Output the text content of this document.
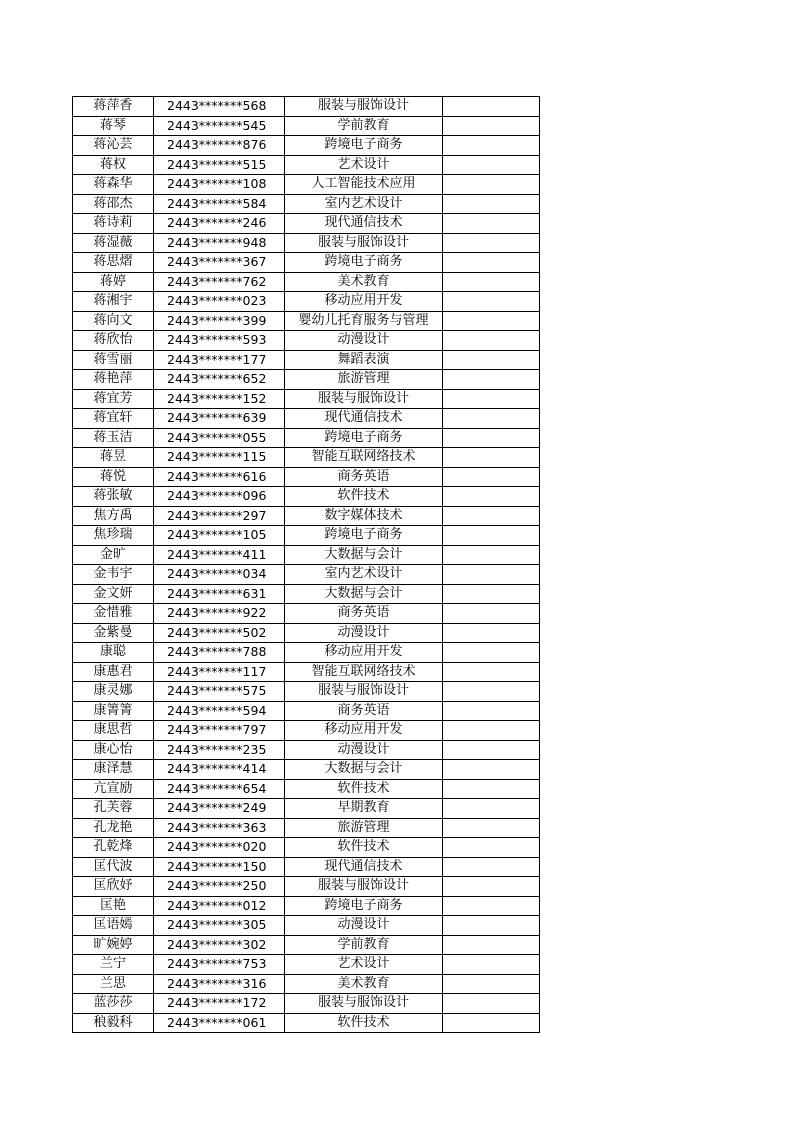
蒋萍香	2443*******568	服装与服饰设计	
蒋琴	2443*******545	学前教育	
蒋沁芸	2443*******876	跨境电子商务	
蒋权	2443*******515	艺术设计	
蒋森华	2443*******108	人工智能技术应用	
蒋邵杰	2443*******584	室内艺术设计	
蒋诗莉	2443*******246	现代通信技术	
蒋湿薇	2443*******948	服装与服饰设计	
蒋思熠	2443*******367	跨境电子商务	
蒋婷	2443*******762	美术教育	
蒋湘宇	2443*******023	移动应用开发	
蒋向文	2443*******399	婴幼儿托育服务与管理	
蒋欣怡	2443*******593	动漫设计	
蒋雪丽	2443*******177	舞蹈表演	
蒋艳萍	2443*******652	旅游管理	
蒋宜芳	2443*******152	服装与服饰设计	
蒋宜轩	2443*******639	现代通信技术	
蒋玉洁	2443*******055	跨境电子商务	
蒋昱	2443*******115	智能互联网络技术	
蒋悦	2443*******616	商务英语	
蒋张敏	2443*******096	软件技术	
焦方禹	2443*******297	数字媒体技术	
焦珍瑞	2443*******105	跨境电子商务	
金旷	2443*******411	大数据与会计	
金韦宇	2443*******034	室内艺术设计	
金文妍	2443*******631	大数据与会计	
金惜雅	2443*******922	商务英语	
金紫曼	2443*******502	动漫设计	
康聪	2443*******788	移动应用开发	
康惠君	2443*******117	智能互联网络技术	
康灵娜	2443*******575	服装与服饰设计	
康箐箐	2443*******594	商务英语	
康思哲	2443*******797	移动应用开发	
康心怡	2443*******235	动漫设计	
康泽慧	2443*******414	大数据与会计	
亢宣励	2443*******654	软件技术	
孔芙蓉	2443*******249	早期教育	
孔龙艳	2443*******363	旅游管理	
孔乾烽	2443*******020	软件技术	
匡代波	2443*******150	现代通信技术	
匡欣妤	2443*******250	服装与服饰设计	
匡艳	2443*******012	跨境电子商务	
匡语嫣	2443*******305	动漫设计	
旷婉婷	2443*******302	学前教育	
兰宁	2443*******753	艺术设计	
兰思	2443*******316	美术教育	
蓝莎莎	2443*******172	服装与服饰设计	
稂毅科	2443*******061	软件技术	
